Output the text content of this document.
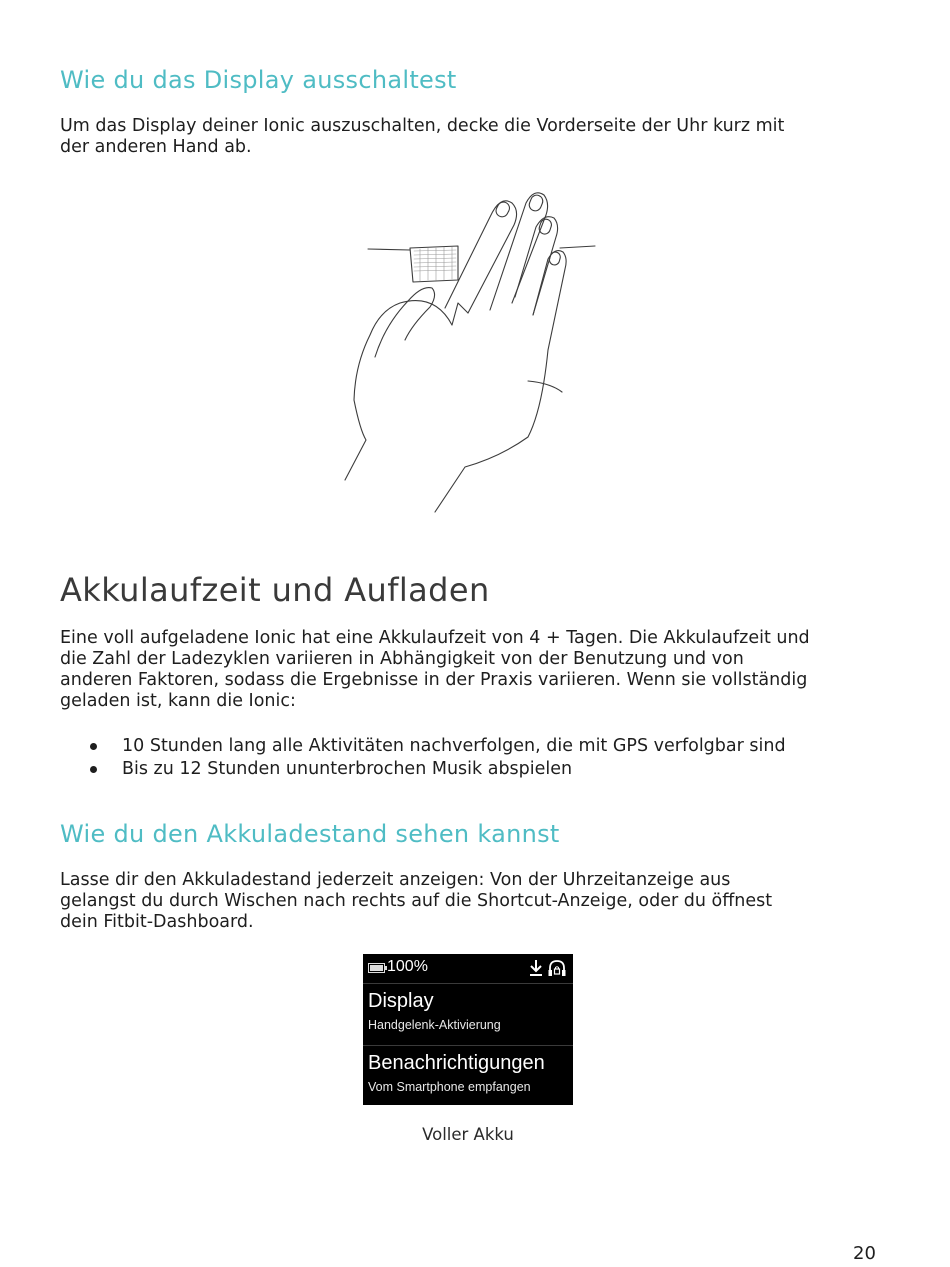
Wie du das Display ausschaltest

Um das Display deiner Ionic auszuschalten, decke die Vorderseite der Uhr kurz mit
der anderen Hand ab.

Akkulaufzeit und Aufladen

Eine voll aufgeladene Ionic hat eine Akkulaufzeit von 4 + Tagen. Die Akkulaufzeit und
die Zahl der Ladezyklen variieren in Abhängigkeit von der Benutzung und von
anderen Faktoren, sodass die Ergebnisse in der Praxis variieren. Wenn sie vollständig
geladen ist, kann die Ionic:

10 Stunden lang alle Aktivitäten nachverfolgen, die mit GPS verfolgbar sind
Bis zu 12 Stunden ununterbrochen Musik abspielen
Wie du den Akkuladestand sehen kannst

Lasse dir den Akkuladestand jederzeit anzeigen: Von der Uhrzeitanzeige aus
gelangst du durch Wischen nach rechts auf die Shortcut-Anzeige, oder du öffnest
dein Fitbit-Dashboard.

100%
Display
Handgelenk-Aktivierung
Benachrichtigungen
Vom Smartphone empfangen
Voller Akku
20
